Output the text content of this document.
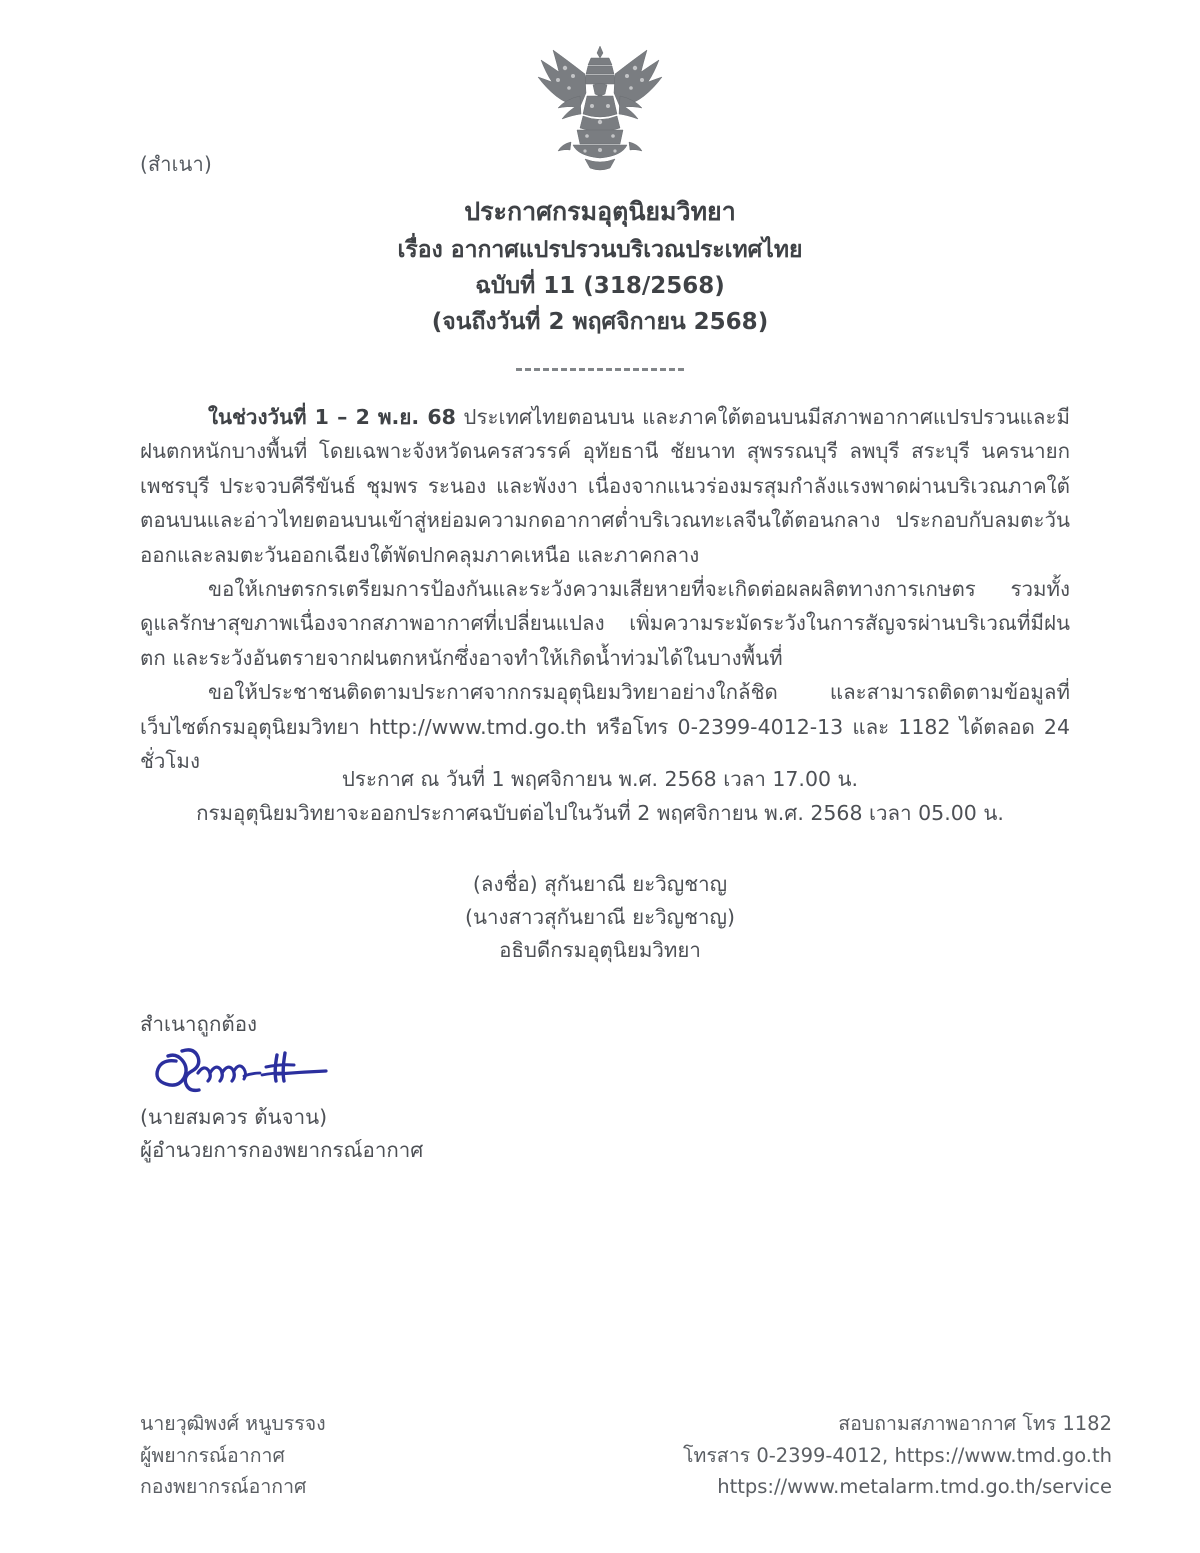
(สำเนา)
ประกาศกรมอุตุนิยมวิทยา
เรื่อง อากาศแปรปรวนบริเวณประเทศไทย
ฉบับที่ 11 (318/2568)
(จนถึงวันที่ 2 พฤศจิกายน 2568)

ในช่วงวันที่ 1 – 2 พ.ย. 68 ประเทศไทยตอนบน และภาคใต้ตอนบนมีสภาพอากาศแปรปรวนและมีฝนตกหนักบางพื้นที่ โดยเฉพาะจังหวัดนครสวรรค์ อุทัยธานี ชัยนาท สุพรรณบุรี ลพบุรี สระบุรี นครนายก เพชรบุรี ประจวบคีรีขันธ์ ชุมพร ระนอง และพังงา เนื่องจากแนวร่องมรสุมกำลังแรงพาดผ่านบริเวณภาคใต้ตอนบนและอ่าวไทยตอนบนเข้าสู่หย่อมความกดอากาศต่ำบริเวณทะเลจีนใต้ตอนกลาง ประกอบกับลมตะวันออกและลมตะวันออกเฉียงใต้พัดปกคลุมภาคเหนือ และภาคกลาง

ขอให้เกษตรกรเตรียมการป้องกันและระวังความเสียหายที่จะเกิดต่อผลผลิตทางการเกษตร รวมทั้งดูแลรักษาสุขภาพเนื่องจากสภาพอากาศที่เปลี่ยนแปลง เพิ่มความระมัดระวังในการสัญจรผ่านบริเวณที่มีฝนตก และระวังอันตรายจากฝนตกหนักซึ่งอาจทำให้เกิดน้ำท่วมได้ในบางพื้นที่

ขอให้ประชาชนติดตามประกาศจากกรมอุตุนิยมวิทยาอย่างใกล้ชิด และสามารถติดตามข้อมูลที่เว็บไซต์กรมอุตุนิยมวิทยา http://www.tmd.go.th หรือโทร 0-2399-4012-13 และ 1182 ได้ตลอด 24 ชั่วโมง

ประกาศ ณ วันที่ 1 พฤศจิกายน พ.ศ. 2568 เวลา 17.00 น.
กรมอุตุนิยมวิทยาจะออกประกาศฉบับต่อไปในวันที่ 2 พฤศจิกายน พ.ศ. 2568 เวลา 05.00 น.
(ลงชื่อ) สุกันยาณี ยะวิญชาญ
(นางสาวสุกันยาณี ยะวิญชาญ)
อธิบดีกรมอุตุนิยมวิทยา
สำเนาถูกต้อง
(นายสมควร ต้นจาน)
ผู้อำนวยการกองพยากรณ์อากาศ
นายวุฒิพงศ์ หนูบรรจง
ผู้พยากรณ์อากาศ
กองพยากรณ์อากาศ
สอบถามสภาพอากาศ โทร 1182
โทรสาร 0-2399-4012, https://www.tmd.go.th
https://www.metalarm.tmd.go.th/service
